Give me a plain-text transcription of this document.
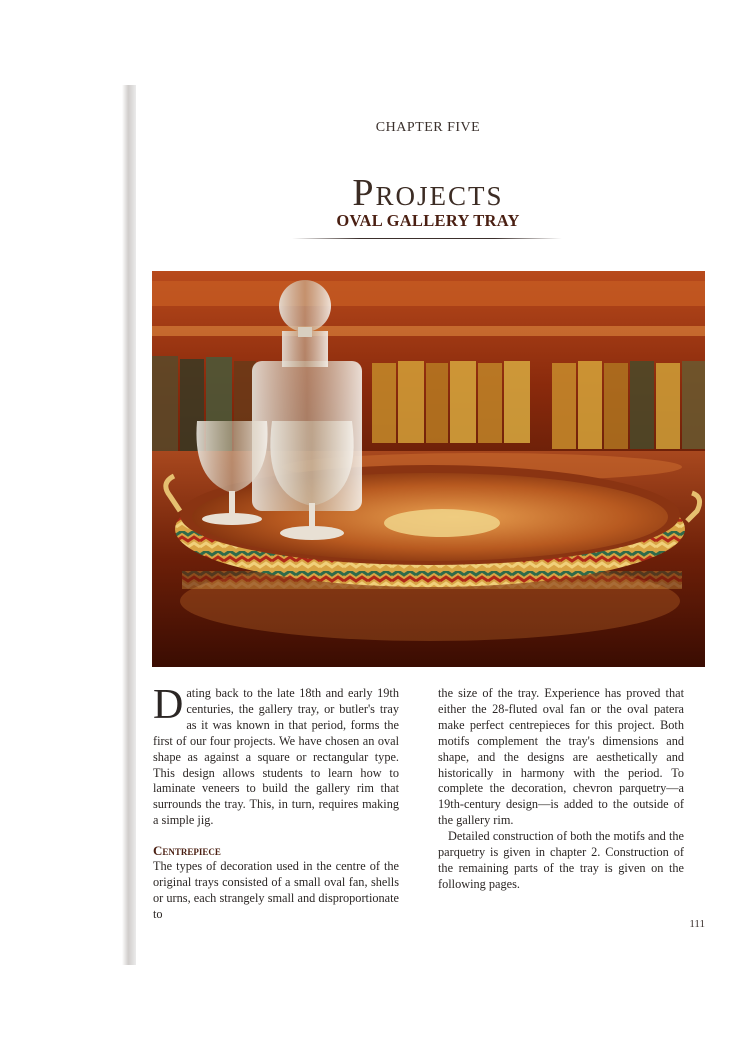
CHAPTER FIVE
Projects
OVAL GALLERY TRAY

Dating back to the late 18th and early 19th centuries, the gallery tray, or butler's tray as it was known in that period, forms the first of our four projects. We have chosen an oval shape as against a square or rectangular type. This design allows students to learn how to laminate veneers to build the gallery rim that surrounds the tray. This, in turn, requires making a simple jig.

Centrepiece

The types of decoration used in the centre of the original trays consisted of a small oval fan, shells or urns, each strangely small and disproportionate to

the size of the tray. Experience has proved that either the 28-fluted oval fan or the oval patera make perfect centrepieces for this project. Both motifs complement the tray's dimensions and shape, and the designs are aesthetically and historically in harmony with the period. To complete the decoration, chevron parquetry—a 19th-century design—is added to the outside of the gallery rim.

Detailed construction of both the motifs and the parquetry is given in chapter 2. Construction of the remaining parts of the tray is given on the following pages.

111
